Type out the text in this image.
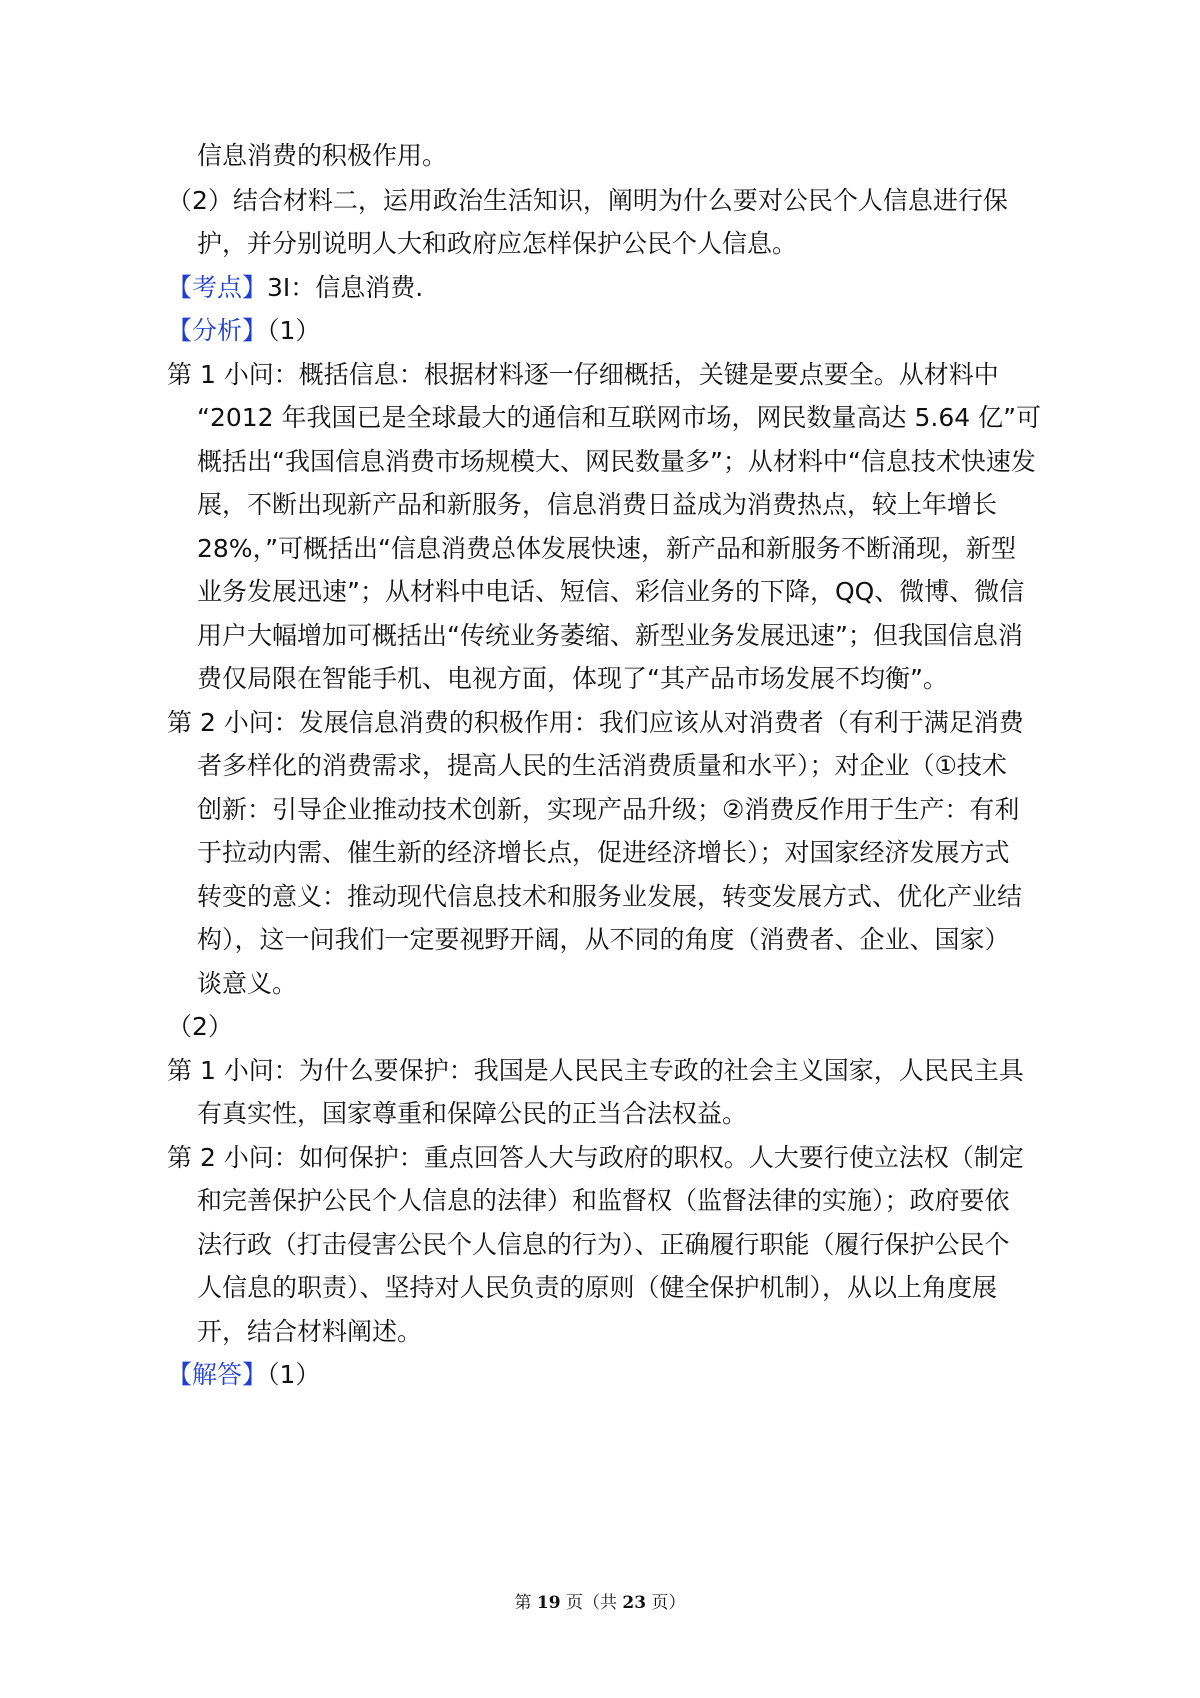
信息消费的积极作用。
（2）结合材料二，运用政治生活知识，阐明为什么要对公民个人信息进行保
护，并分别说明人大和政府应怎样保护公民个人信息。
【考点】3I：信息消费.
【分析】（1）
第 1 小问：概括信息：根据材料逐一仔细概括，关键是要点要全。从材料中
“2012 年我国已是全球最大的通信和互联网市场，网民数量高达 5.64 亿”可
概括出“我国信息消费市场规模大、网民数量多”；从材料中“信息技术快速发
展，不断出现新产品和新服务，信息消费日益成为消费热点，较上年增长
28%，”可概括出“信息消费总体发展快速，新产品和新服务不断涌现，新型
业务发展迅速”；从材料中电话、短信、彩信业务的下降，QQ、微博、微信
用户大幅增加可概括出“传统业务萎缩、新型业务发展迅速”；但我国信息消
费仅局限在智能手机、电视方面，体现了“其产品市场发展不均衡”。
第 2 小问：发展信息消费的积极作用：我们应该从对消费者（有利于满足消费
者多样化的消费需求，提高人民的生活消费质量和水平）；对企业（①技术
创新：引导企业推动技术创新，实现产品升级；②消费反作用于生产：有利
于拉动内需、催生新的经济增长点，促进经济增长）；对国家经济发展方式
转变的意义：推动现代信息技术和服务业发展，转变发展方式、优化产业结
构），这一问我们一定要视野开阔，从不同的角度（消费者、企业、国家）
谈意义。
（2）
第 1 小问：为什么要保护：我国是人民民主专政的社会主义国家，人民民主具
有真实性，国家尊重和保障公民的正当合法权益。
第 2 小问：如何保护：重点回答人大与政府的职权。人大要行使立法权（制定
和完善保护公民个人信息的法律）和监督权（监督法律的实施）；政府要依
法行政（打击侵害公民个人信息的行为）、正确履行职能（履行保护公民个
人信息的职责）、坚持对人民负责的原则（健全保护机制），从以上角度展
开，结合材料阐述。
【解答】（1）
第 19 页（共 23 页）
